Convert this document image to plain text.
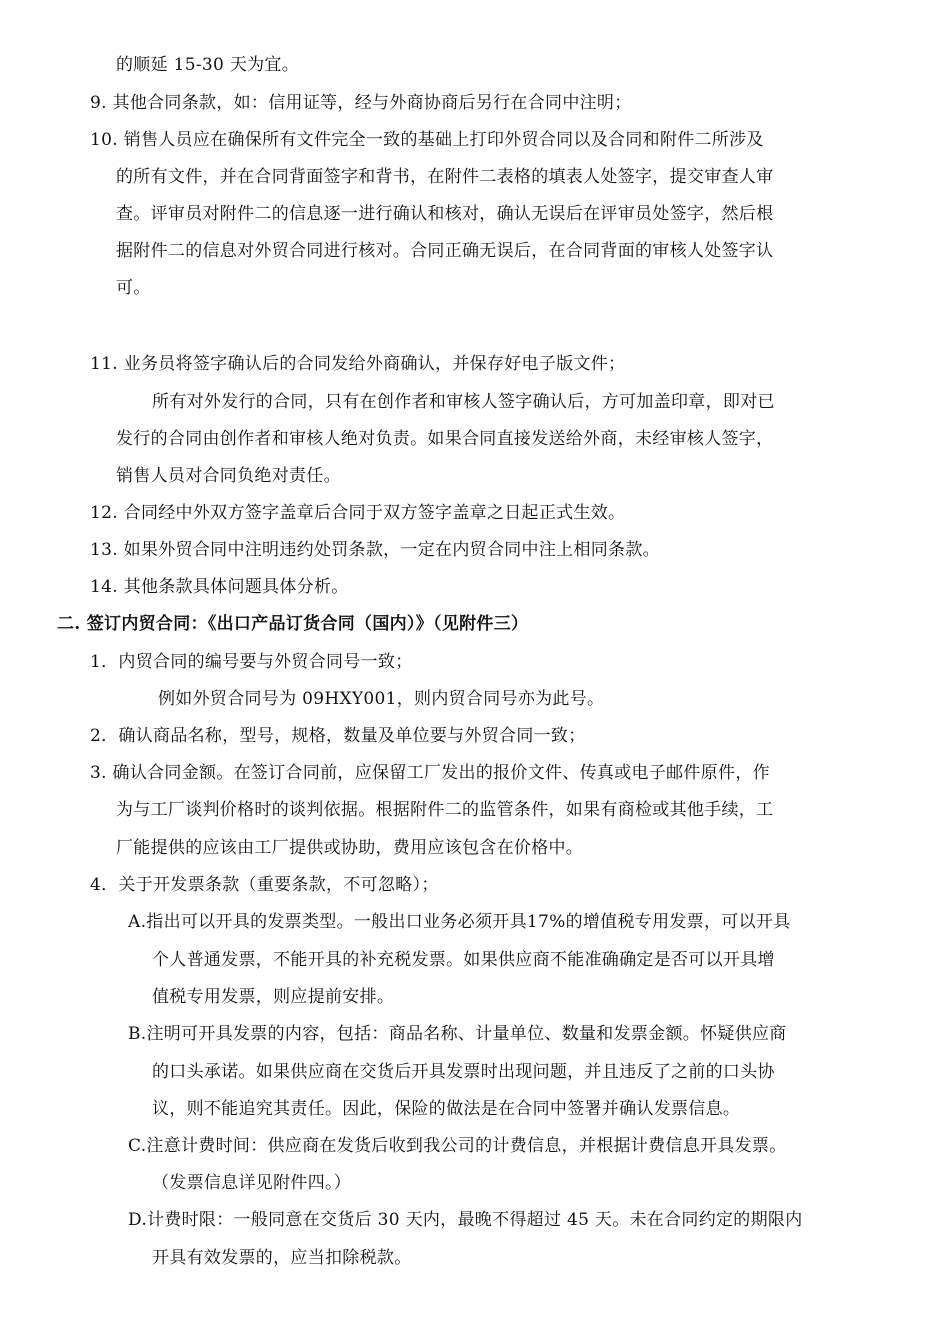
的顺延 15-30 天为宜。
9. 其他合同条款，如：信用证等，经与外商协商后另行在合同中注明；
10. 销售人员应在确保所有文件完全一致的基础上打印外贸合同以及合同和附件二所涉及
的所有文件，并在合同背面签字和背书，在附件二表格的填表人处签字，提交审查人审
查。评审员对附件二的信息逐一进行确认和核对，确认无误后在评审员处签字，然后根
据附件二的信息对外贸合同进行核对。合同正确无误后，在合同背面的审核人处签字认
可。
11. 业务员将签字确认后的合同发给外商确认，并保存好电子版文件；
所有对外发行的合同，只有在创作者和审核人签字确认后，方可加盖印章，即对已
发行的合同由创作者和审核人绝对负责。如果合同直接发送给外商，未经审核人签字，
销售人员对合同负绝对责任。
12. 合同经中外双方签字盖章后合同于双方签字盖章之日起正式生效。
13. 如果外贸合同中注明违约处罚条款，一定在内贸合同中注上相同条款。
14. 其他条款具体问题具体分析。
二. 签订内贸合同：《出口产品订货合同（国内）》（见附件三）
1．内贸合同的编号要与外贸合同号一致；
例如外贸合同号为 09HXY001，则内贸合同号亦为此号。
2．确认商品名称，型号，规格，数量及单位要与外贸合同一致；
3. 确认合同金额。在签订合同前，应保留工厂发出的报价文件、传真或电子邮件原件，作
为与工厂谈判价格时的谈判依据。根据附件二的监管条件，如果有商检或其他手续，工
厂能提供的应该由工厂提供或协助，费用应该包含在价格中。
4．关于开发票条款（重要条款，不可忽略）；
A.指出可以开具的发票类型。一般出口业务必须开具17%的增值税专用发票，可以开具
个人普通发票，不能开具的补充税发票。如果供应商不能准确确定是否可以开具增
值税专用发票，则应提前安排。
B.注明可开具发票的内容，包括：商品名称、计量单位、数量和发票金额。怀疑供应商
的口头承诺。如果供应商在交货后开具发票时出现问题，并且违反了之前的口头协
议，则不能追究其责任。因此，保险的做法是在合同中签署并确认发票信息。
C.注意计费时间：供应商在发货后收到我公司的计费信息，并根据计费信息开具发票。
（发票信息详见附件四。）
D.计费时限：一般同意在交货后 30 天内，最晚不得超过 45 天。未在合同约定的期限内
开具有效发票的，应当扣除税款。
